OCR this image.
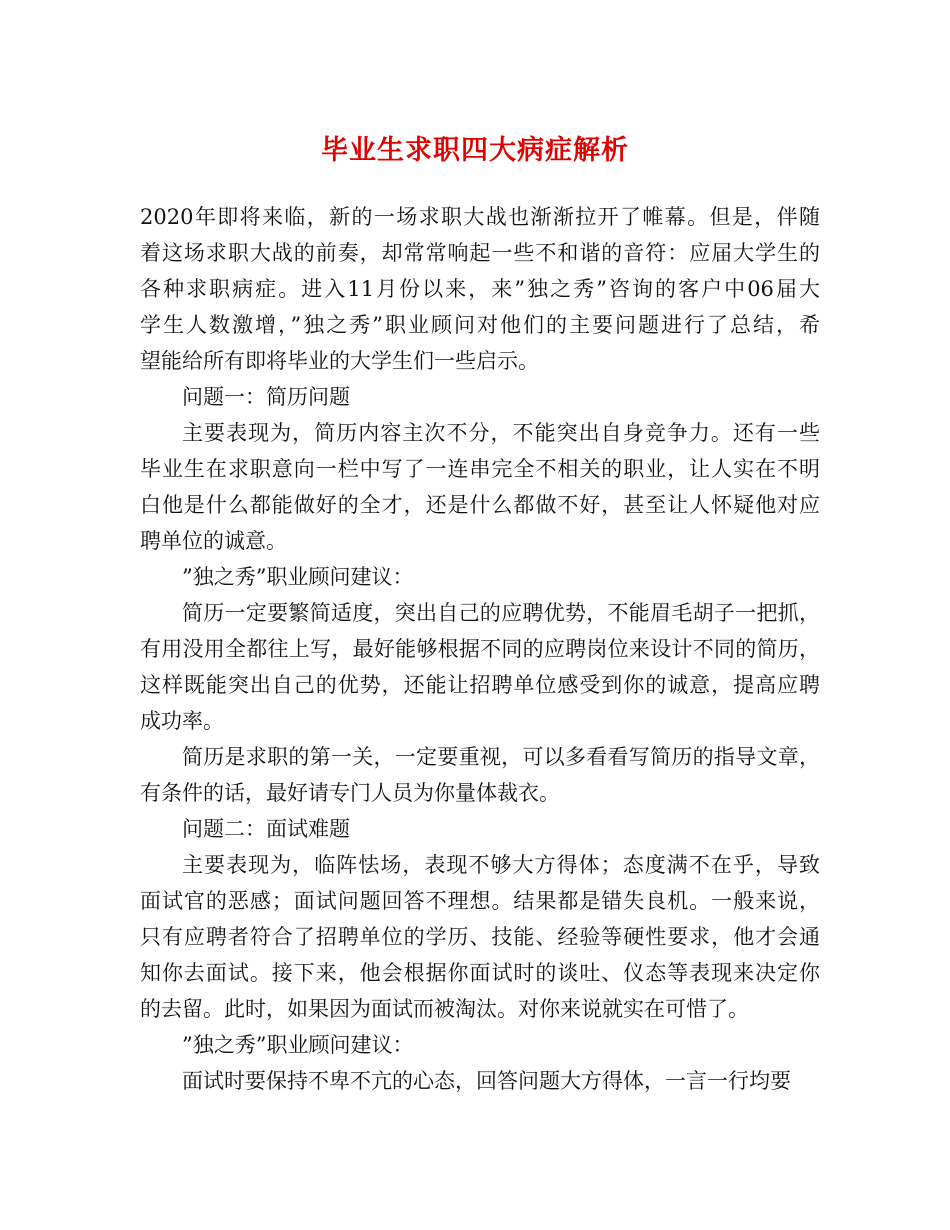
毕业生求职四大病症解析
2020年即将来临，新的一场求职大战也渐渐拉开了帷幕。但是，伴随
着这场求职大战的前奏，却常常响起一些不和谐的音符：应届大学生的
各种求职病症。进入11月份以来，来”独之秀”咨询的客户中06届大
学生人数激增，”独之秀”职业顾问对他们的主要问题进行了总结，希
望能给所有即将毕业的大学生们一些启示。
问题一：简历问题
主要表现为，简历内容主次不分，不能突出自身竞争力。还有一些
毕业生在求职意向一栏中写了一连串完全不相关的职业，让人实在不明
白他是什么都能做好的全才，还是什么都做不好，甚至让人怀疑他对应
聘单位的诚意。
”独之秀”职业顾问建议：
简历一定要繁简适度，突出自己的应聘优势，不能眉毛胡子一把抓，
有用没用全都往上写，最好能够根据不同的应聘岗位来设计不同的简历，
这样既能突出自己的优势，还能让招聘单位感受到你的诚意，提高应聘
成功率。
简历是求职的第一关，一定要重视，可以多看看写简历的指导文章，
有条件的话，最好请专门人员为你量体裁衣。
问题二：面试难题
主要表现为，临阵怯场，表现不够大方得体；态度满不在乎，导致
面试官的恶感；面试问题回答不理想。结果都是错失良机。一般来说，
只有应聘者符合了招聘单位的学历、技能、经验等硬性要求，他才会通
知你去面试。接下来，他会根据你面试时的谈吐、仪态等表现来决定你
的去留。此时，如果因为面试而被淘汰。对你来说就实在可惜了。
”独之秀”职业顾问建议：
面试时要保持不卑不亢的心态，回答问题大方得体，一言一行均要
